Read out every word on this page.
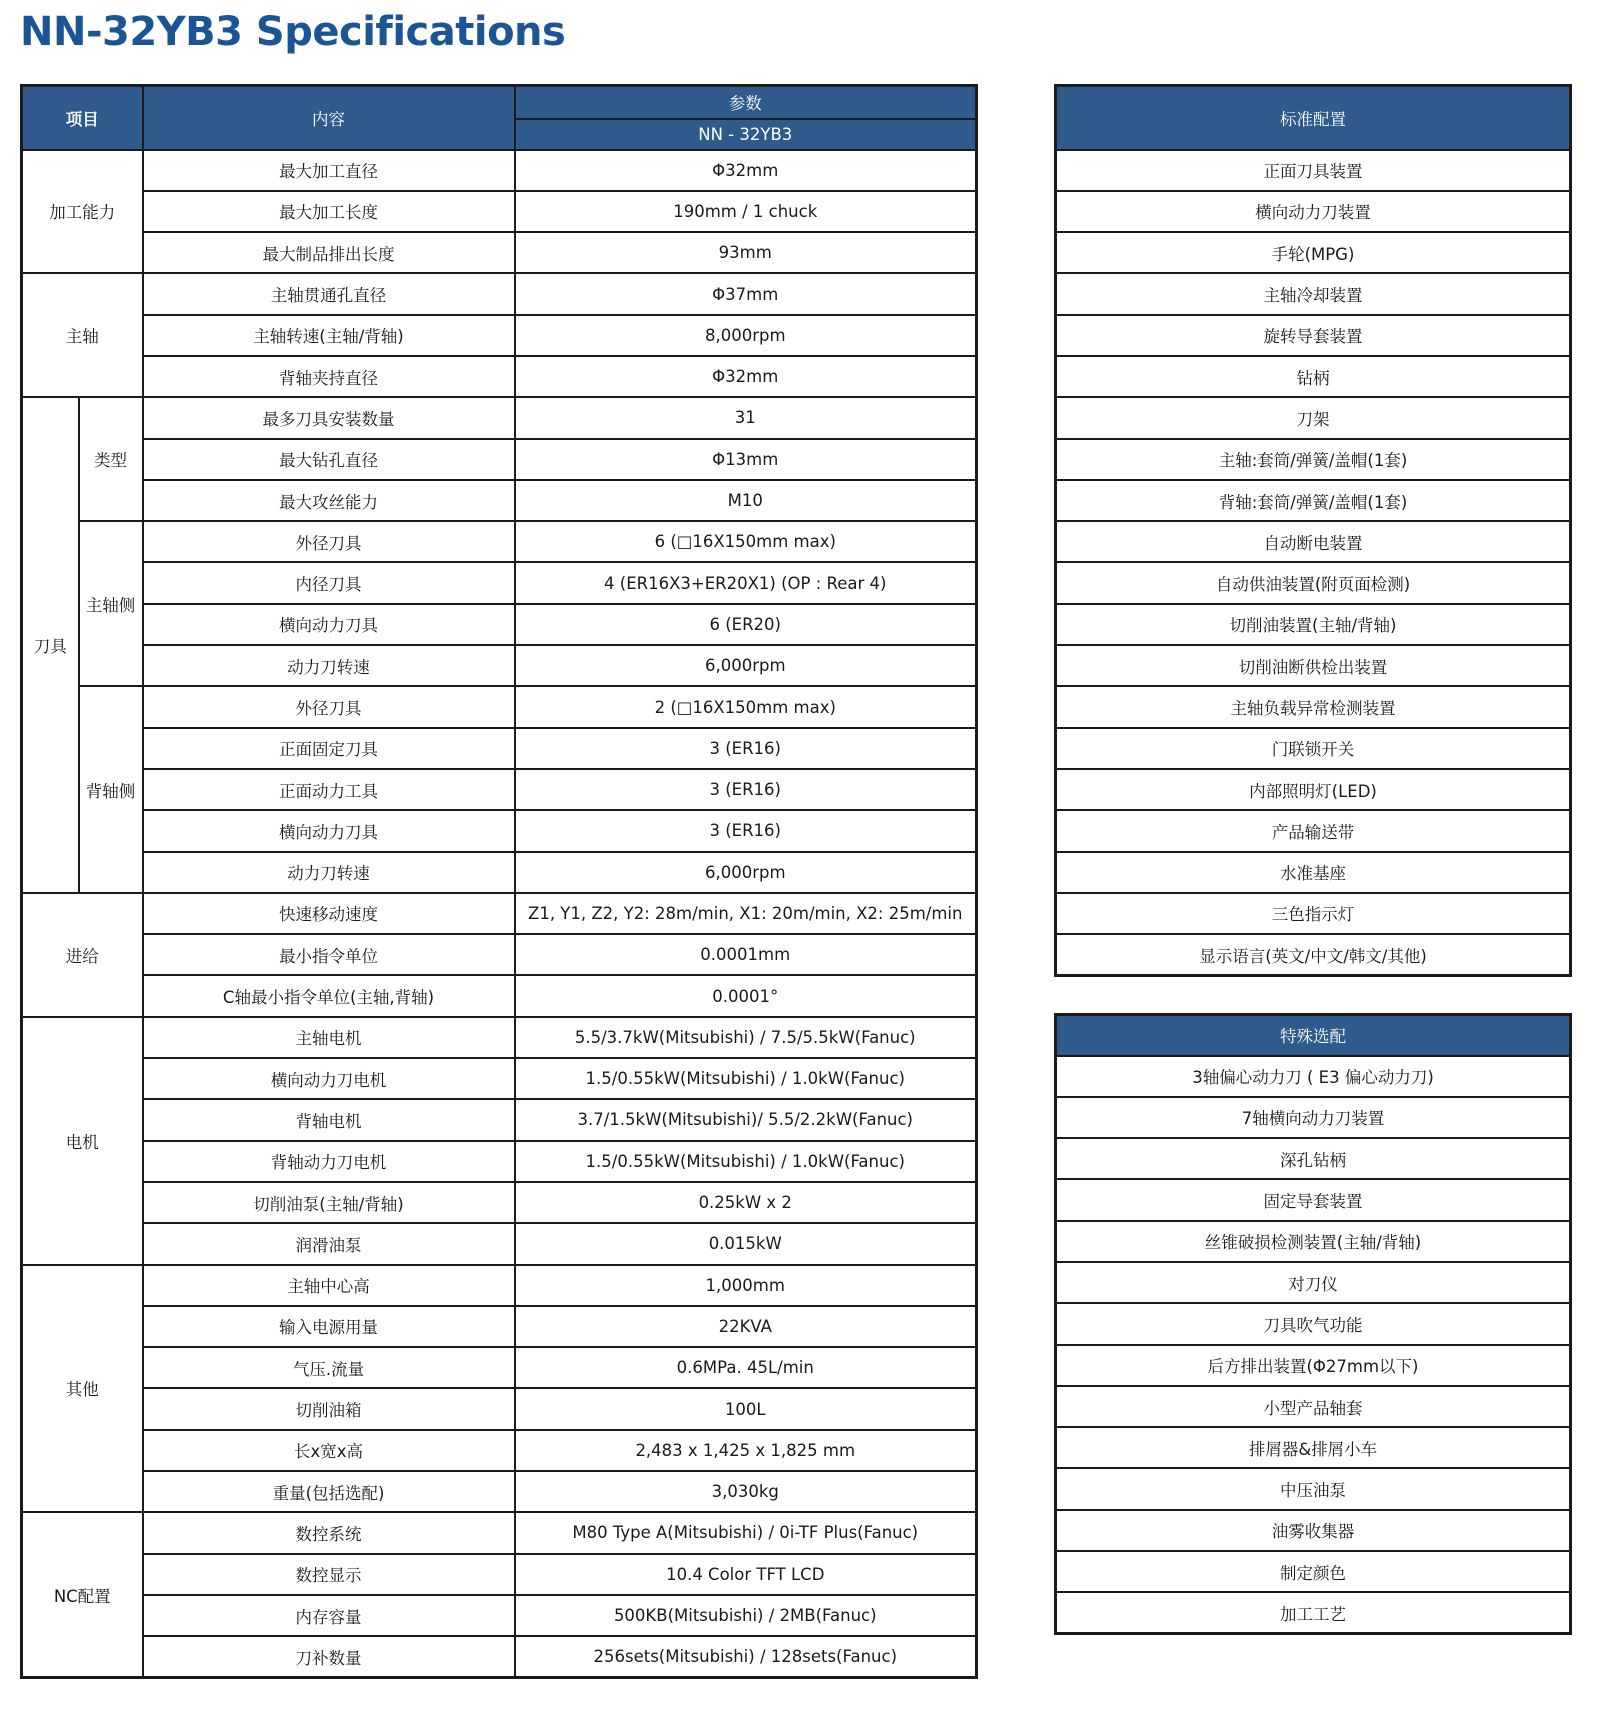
NN-32YB3 Specifications
项目		内容	参数
			NN - 32YB3
加工能力		最大加工直径	Φ32mm
		最大加工长度	190mm / 1 chuck
		最大制品排出长度	93mm
主轴		主轴贯通孔直径	Φ37mm
		主轴转速(主轴/背轴)	8,000rpm
		背轴夹持直径	Φ32mm
刀具	类型	最多刀具安装数量	31
		最大钻孔直径	Φ13mm
		最大攻丝能力	M10
	主轴侧	外径刀具	6 (□16X150mm max)
		内径刀具	4 (ER16X3+ER20X1) (OP : Rear 4)
		横向动力刀具	6 (ER20)
		动力刀转速	6,000rpm
	背轴侧	外径刀具	2 (□16X150mm max)
		正面固定刀具	3 (ER16)
		正面动力工具	3 (ER16)
		横向动力刀具	3 (ER16)
		动力刀转速	6,000rpm
进给		快速移动速度	Z1, Y1, Z2, Y2: 28m/min, X1: 20m/min, X2: 25m/min
		最小指令单位	0.0001mm
		C轴最小指令单位(主轴,背轴)	0.0001°
电机		主轴电机	5.5/3.7kW(Mitsubishi) / 7.5/5.5kW(Fanuc)
		横向动力刀电机	1.5/0.55kW(Mitsubishi) / 1.0kW(Fanuc)
		背轴电机	3.7/1.5kW(Mitsubishi)/ 5.5/2.2kW(Fanuc)
		背轴动力刀电机	1.5/0.55kW(Mitsubishi) / 1.0kW(Fanuc)
		切削油泵(主轴/背轴)	0.25kW x 2
		润滑油泵	0.015kW
其他		主轴中心高	1,000mm
		输入电源用量	22KVA
		气压.流量	0.6MPa. 45L/min
		切削油箱	100L
		长x宽x高	2,483 x 1,425 x 1,825 mm
		重量(包括选配)	3,030kg
NC配置		数控系统	M80 Type A(Mitsubishi) / 0i-TF Plus(Fanuc)
		数控显示	10.4 Color TFT LCD
		内存容量	500KB(Mitsubishi) / 2MB(Fanuc)
		刀补数量	256sets(Mitsubishi) / 128sets(Fanuc)
标准配置
正面刀具装置
横向动力刀装置
手轮(MPG)
主轴冷却装置
旋转导套装置
钻柄
刀架
主轴:套筒/弹簧/盖帽(1套)
背轴:套筒/弹簧/盖帽(1套)
自动断电装置
自动供油装置(附页面检测)
切削油装置(主轴/背轴)
切削油断供检出装置
主轴负载异常检测装置
门联锁开关
内部照明灯(LED)
产品输送带
水准基座
三色指示灯
显示语言(英文/中文/韩文/其他)
特殊选配
3轴偏心动力刀 ( E3 偏心动力刀)
7轴横向动力刀装置
深孔钻柄
固定导套装置
丝锥破损检测装置(主轴/背轴)
对刀仪
刀具吹气功能
后方排出装置(Φ27mm以下)
小型产品轴套
排屑器&排屑小车
中压油泵
油雾收集器
制定颜色
加工工艺
